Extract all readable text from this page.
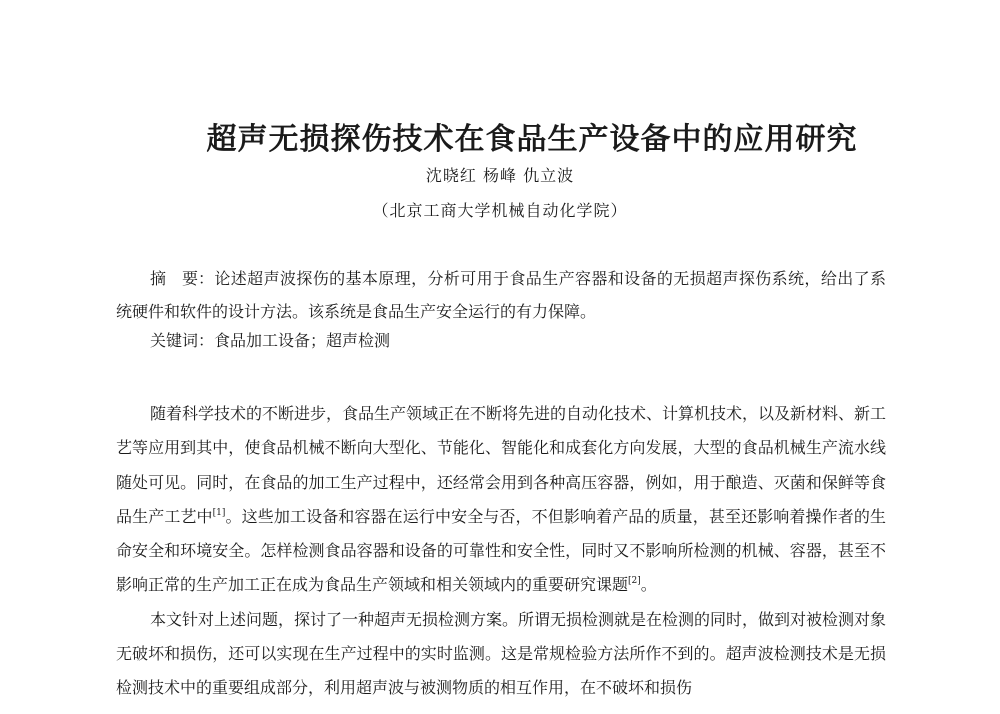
超声无损探伤技术在食品生产设备中的应用研究
沈晓红 杨峰 仇立波
（北京工商大学机械自动化学院）
摘　要：论述超声波探伤的基本原理，分析可用于食品生产容器和设备的无损超声探伤系统，给出了系统硬件和软件的设计方法。该系统是食品生产安全运行的有力保障。
关键词：食品加工设备；超声检测

随着科学技术的不断进步，食品生产领域正在不断将先进的自动化技术、计算机技术，以及新材料、新工艺等应用到其中，使食品机械不断向大型化、节能化、智能化和成套化方向发展，大型的食品机械生产流水线随处可见。同时，在食品的加工生产过程中，还经常会用到各种高压容器，例如，用于酿造、灭菌和保鲜等食品生产工艺中[1]。这些加工设备和容器在运行中安全与否，不但影响着产品的质量，甚至还影响着操作者的生命安全和环境安全。怎样检测食品容器和设备的可靠性和安全性，同时又不影响所检测的机械、容器，甚至不影响正常的生产加工正在成为食品生产领域和相关领域内的重要研究课题[2]。

本文针对上述问题，探讨了一种超声无损检测方案。所谓无损检测就是在检测的同时，做到对被检测对象无破坏和损伤，还可以实现在生产过程中的实时监测。这是常规检验方法所作不到的。超声波检测技术是无损检测技术中的重要组成部分，利用超声波与被测物质的相互作用，在不破坏和损伤
